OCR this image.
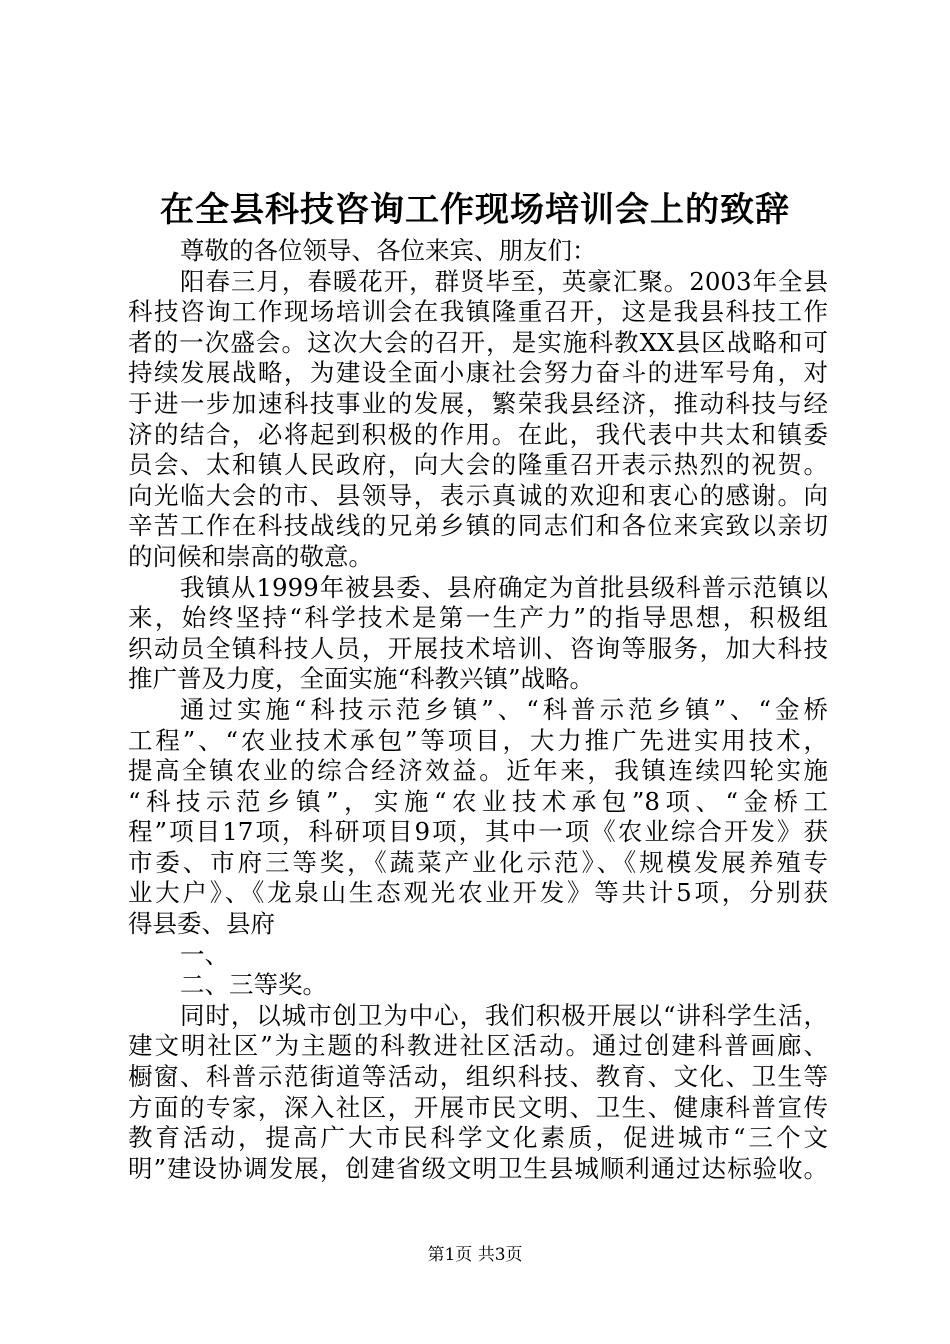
在全县科技咨询工作现场培训会上的致辞
尊敬的各位领导、各位来宾、朋友们：
阳春三月，春暖花开，群贤毕至，英豪汇聚。2003年全县
科技咨询工作现场培训会在我镇隆重召开，这是我县科技工作
者的一次盛会。这次大会的召开，是实施科教XX县区战略和可
持续发展战略，为建设全面小康社会努力奋斗的进军号角，对
于进一步加速科技事业的发展，繁荣我县经济，推动科技与经
济的结合，必将起到积极的作用。在此，我代表中共太和镇委
员会、太和镇人民政府，向大会的隆重召开表示热烈的祝贺。
向光临大会的市、县领导，表示真诚的欢迎和衷心的感谢。向
辛苦工作在科技战线的兄弟乡镇的同志们和各位来宾致以亲切
的问候和崇高的敬意。
我镇从1999年被县委、县府确定为首批县级科普示范镇以
来，始终坚持“科学技术是第一生产力”的指导思想，积极组
织动员全镇科技人员，开展技术培训、咨询等服务，加大科技
推广普及力度，全面实施“科教兴镇”战略。
通过实施“科技示范乡镇”、“科普示范乡镇”、“金桥
工程”、“农业技术承包”等项目，大力推广先进实用技术，
提高全镇农业的综合经济效益。近年来，我镇连续四轮实施
“科技示范乡镇”，实施“农业技术承包”8项、“金桥工
程”项目17项，科研项目9项，其中一项《农业综合开发》获
市委、市府三等奖，《蔬菜产业化示范》、《规模发展养殖专
业大户》、《龙泉山生态观光农业开发》等共计5项，分别获
得县委、县府
一、
二、三等奖。
同时，以城市创卫为中心，我们积极开展以“讲科学生活，
建文明社区”为主题的科教进社区活动。通过创建科普画廊、
橱窗、科普示范街道等活动，组织科技、教育、文化、卫生等
方面的专家，深入社区，开展市民文明、卫生、健康科普宣传
教育活动，提高广大市民科学文化素质，促进城市“三个文
明”建设协调发展，创建省级文明卫生县城顺利通过达标验收。
第1页 共3页
